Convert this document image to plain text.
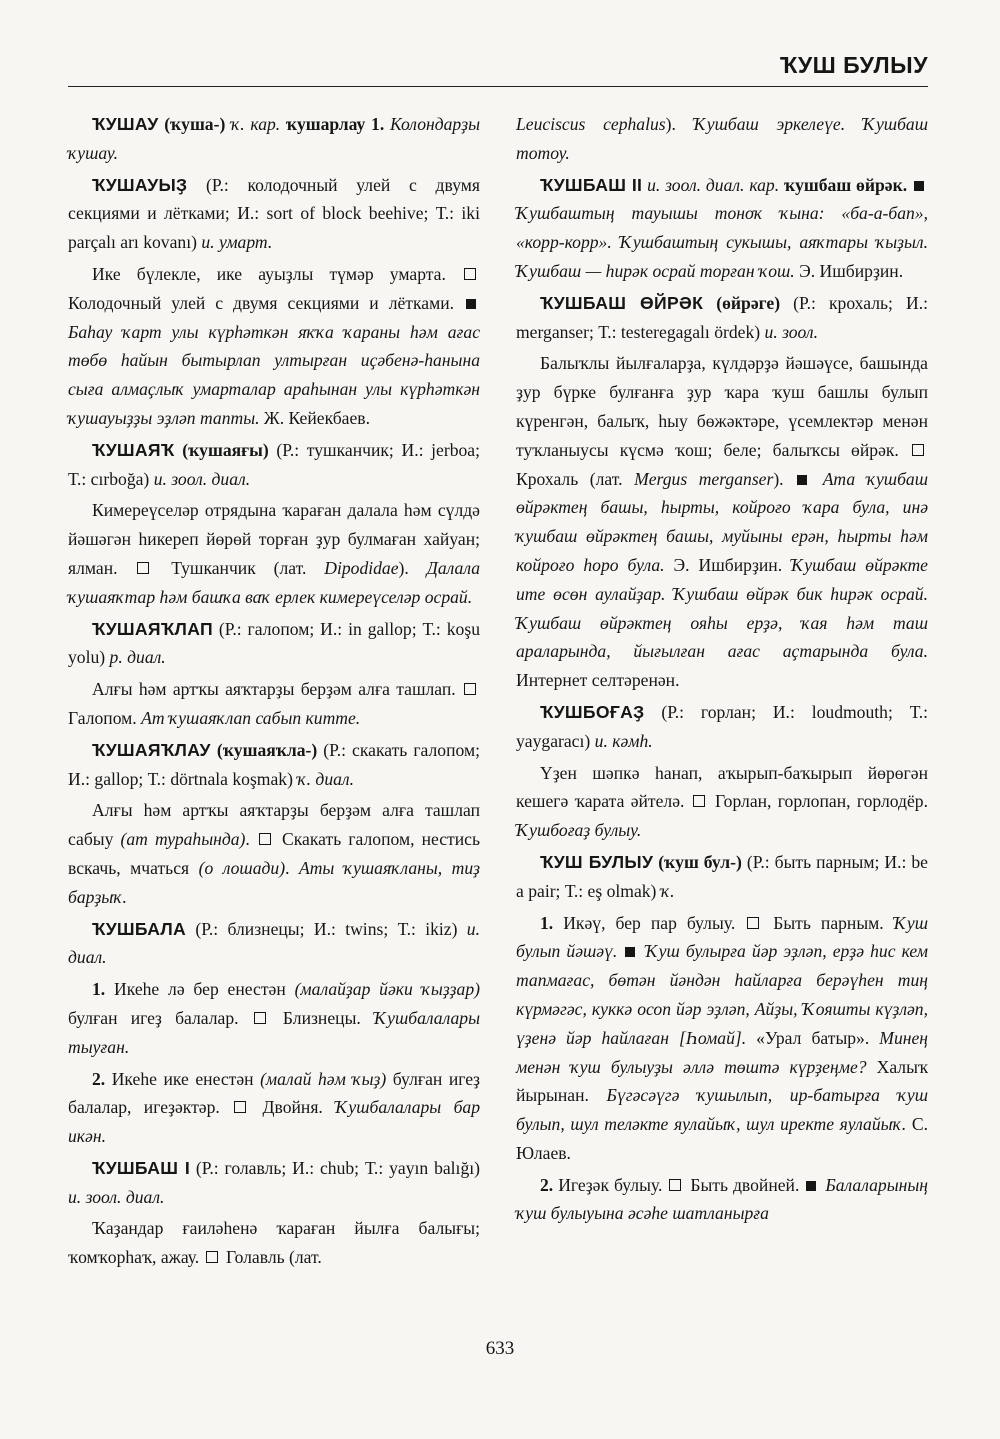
ҠУШ БУЛЫУ

ҠУШАУ (ҡуша-) ҡ. кар. ҡушарлау 1. Колондарҙы ҡушау.

ҠУШАУЫҘ (Р.: колодочный улей с двумя секциями и лётками; И.: sort of block beehive; Т.: iki parçalı arı kovanı) и. умарт.

Ике бүлекле, ике ауыҙлы түмәр умарта.  Колодочный улей с двумя секциями и лётками.  Баһау ҡарт улы күрһәткән яҡҡа ҡараны һәм ағас төбө һайын бытырлап ултырған иҫәбенә-һанына сыға алмаҫлыҡ умарталар араһынан улы күрһәткән ҡушауыҙҙы эҙләп тапты. Ж. Кейекбаев.

ҠУШАЯҠ (ҡушаяғы) (Р.: тушканчик; И.: jerboa; Т.: cırboğa) и. зоол. диал.

Кимереүселәр отрядына ҡараған далала һәм сүлдә йәшәгән һикереп йөрөй торған ҙур булмаған хайуан; ялман.  Тушканчик (лат. Dipodidae). Далала ҡушаяҡтар һәм башҡа ваҡ ерлек кимереүселәр осрай.

ҠУШАЯҠЛАП (Р.: галопом; И.: in gallop; Т.: koşu yolu) р. диал.

Алғы һәм артҡы аяҡтарҙы берҙәм алға ташлап.  Галопом. Ат ҡушаяҡлап сабып китте.

ҠУШАЯҠЛАУ (ҡушаяҡла-) (Р.: скакать галопом; И.: gallop; Т.: dörtnala koşmak) ҡ. диал.

Алғы һәм артҡы аяҡтарҙы берҙәм алға ташлап сабыу (ат тураһында).  Скакать галопом, нестись вскачь, мчаться (о лошади). Аты ҡушаяҡланы, тиҙ барҙыҡ.

ҠУШБАЛА (Р.: близнецы; И.: twins; Т.: ikiz) и. диал.

1. Икеһе лә бер енестән (малайҙар йәки ҡыҙҙар) булған игеҙ балалар.  Близнецы. Ҡушбалалары тыуған.

2. Икеһе ике енестән (малай һәм ҡыҙ) булған игеҙ балалар, игеҙәктәр.  Двойня. Ҡушбалалары бар икән.

ҠУШБАШ I (Р.: голавль; И.: chub; Т.: yayın balığı) и. зоол. диал.

Ҡаҙандар ғаиләһенә ҡараған йылға балығы; ҡомҡорһаҡ, ажау.  Голавль (лат.

Leuciscus cephalus). Ҡушбаш эркелеүе. Ҡушбаш тотоу.

ҠУШБАШ II и. зоол. диал. кар. ҡушбаш өйрәк.  Ҡушбаштың тауышы тоноҡ ҡына: «ба-а-бап», «корр-корр». Ҡушбаштың сукышы, аяҡтары ҡыҙыл. Ҡушбаш — һирәк осрай торған ҡош. Э. Ишбирҙин.

ҠУШБАШ ӨЙРӘК (өйрәге) (Р.: крохаль; И.: merganser; Т.: testeregagalı ördek) и. зоол.

Балыҡлы йылғаларҙа, күлдәрҙә йәшәүсе, башында ҙур бүрке булғанға ҙур ҡара ҡуш башлы булып күренгән, балыҡ, һыу бөжәктәре, үсемлектәр менән туҡланыусы күсмә ҡош; беле; балыҡсы өйрәк.  Крохаль (лат. Mergus merganser).  Ата ҡушбаш өйрәктең башы, һырты, койроғо ҡара була, инә ҡушбаш өйрәктең башы, муйыны ерән, һырты һәм койроғо һоро була. Э. Ишбирҙин. Ҡушбаш өйрәкте ите өсөн аулайҙар. Ҡушбаш өйрәк бик һирәк осрай. Ҡушбаш өйрәктең ояһы ерҙә, ҡая һәм таш араларында, йығылған ағас аҫтарында була. Интернет селтәренән.

ҠУШБОҒАҘ (Р.: горлан; И.: loudmouth; Т.: yaygaracı) и. кәмһ.

Үҙен шәпкә һанап, аҡырып-баҡырып йөрөгән кешегә ҡарата әйтелә.  Горлан, горлопан, горлодёр. Ҡушбоғаҙ булыу.

ҠУШ БУЛЫУ (ҡуш бул-) (Р.: быть парным; И.: be a pair; Т.: eş olmak) ҡ.

1. Икәү, бер пар булыу.  Быть парным. Ҡуш булып йәшәү.  Ҡуш булырға йәр эҙләп, ерҙә һис кем тапмағас, бөтән йәндән һайларға берәүһен тиң күрмәгәс, куккә осоп йәр эҙләп, Айҙы, Ҡояшты күҙләп, үҙенә йәр һайлаған [Һомай]. «Урал батыр». Минең менән ҡуш булыуҙы әллә төштә күрҙеңме? Халыҡ йырынан. Бүгәсәүгә ҡушылып, ир-батырға ҡуш булып, шул теләкте яулайыҡ, шул иректе яулайыҡ. С. Юлаев.

2. Игеҙәк булыу.  Быть двойней.  Балаларының ҡуш булыуына әсәһе шатланырға

633
